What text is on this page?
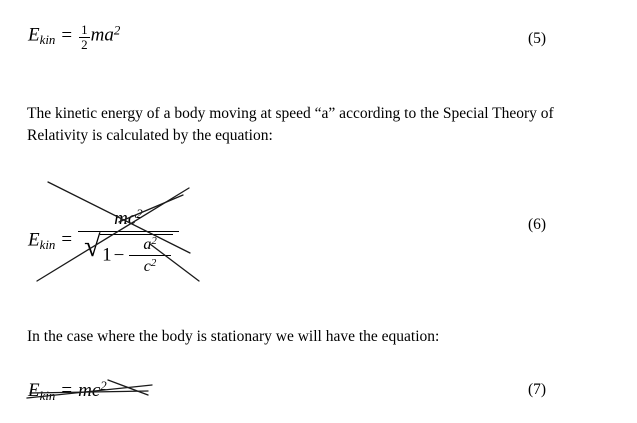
$E_{kin} = \frac{1}{2} ma^2$
(5)
The kinetic energy of a body moving at speed “a” according to the Special Theory of Relativity is calculated by the equation:
$E_{kin} = \frac{mc^2}{√ 1 - \frac{a^2}{c^2}}$	(6)
In the case where the body is stationary we will have the equation:
$E_{kin} = mc^2$	(7)
